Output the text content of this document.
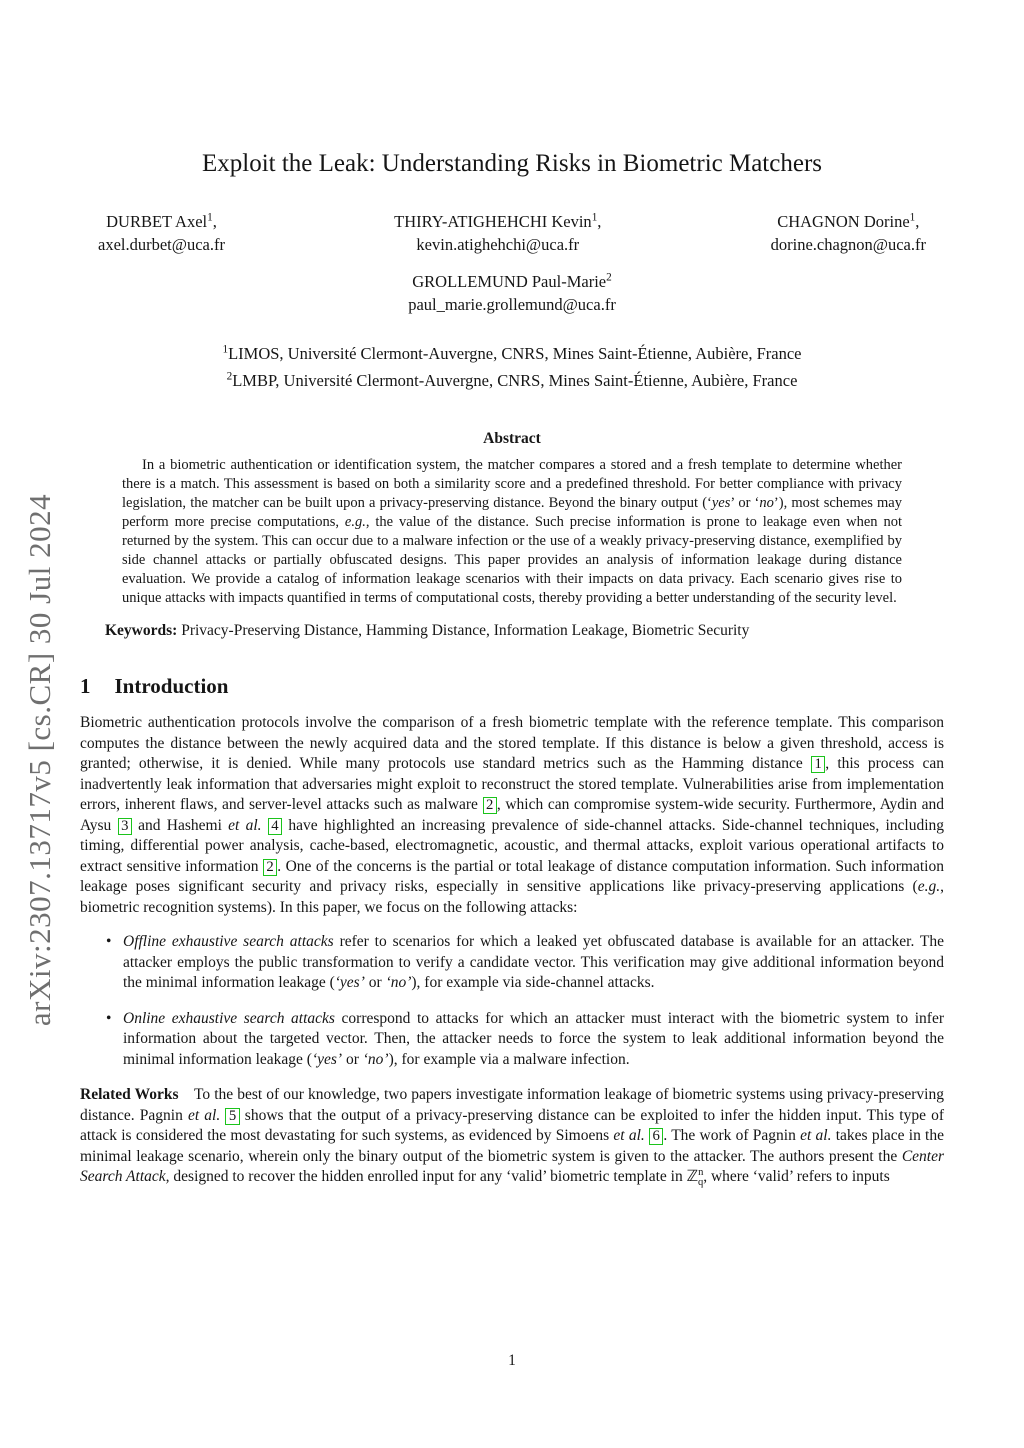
arXiv:2307.13717v5 [cs.CR] 30 Jul 2024
Exploit the Leak: Understanding Risks in Biometric Matchers
DURBET Axel$^1$,
axel.durbet@uca.fr
THIRY-ATIGHEHCHI Kevin$^1$,
kevin.atighehchi@uca.fr
CHAGNON Dorine$^1$,
dorine.chagnon@uca.fr
GROLLEMUND Paul-Marie$^2$
paul_marie.grollemund@uca.fr
$^1$LIMOS, Université Clermont-Auvergne, CNRS, Mines Saint-Étienne, Aubière, France
$^2$LMBP, Université Clermont-Auvergne, CNRS, Mines Saint-Étienne, Aubière, France
Abstract

In a biometric authentication or identification system, the matcher compares a stored and a fresh template to determine whether there is a match. This assessment is based on both a similarity score and a predefined threshold. For better compliance with privacy legislation, the matcher can be built upon a privacy-preserving distance. Beyond the binary output (‘yes’ or ‘no’), most schemes may perform more precise computations, e.g., the value of the distance. Such precise information is prone to leakage even when not returned by the system. This can occur due to a malware infection or the use of a weakly privacy-preserving distance, exemplified by side channel attacks or partially obfuscated designs. This paper provides an analysis of information leakage during distance evaluation. We provide a catalog of information leakage scenarios with their impacts on data privacy. Each scenario gives rise to unique attacks with impacts quantified in terms of computational costs, thereby providing a better understanding of the security level.

Keywords: Privacy-Preserving Distance, Hamming Distance, Information Leakage, Biometric Security

1 Introduction

Biometric authentication protocols involve the comparison of a fresh biometric template with the reference template. This comparison computes the distance between the newly acquired data and the stored template. If this distance is below a given threshold, access is granted; otherwise, it is denied. While many protocols use standard metrics such as the Hamming distance 1 , this process can inadvertently leak information that adversaries might exploit to reconstruct the stored template. Vulnerabilities arise from implementation errors, inherent flaws, and server-level attacks such as malware 2 , which can compromise system-wide security. Furthermore, Aydin and Aysu 3 and Hashemi et al. 4 have highlighted an increasing prevalence of side-channel attacks. Side-channel techniques, including timing, differential power analysis, cache-based, electromagnetic, acoustic, and thermal attacks, exploit various operational artifacts to extract sensitive information 2 . One of the concerns is the partial or total leakage of distance computation information. Such information leakage poses significant security and privacy risks, especially in sensitive applications like privacy-preserving applications (e.g., biometric recognition systems). In this paper, we focus on the following attacks:

• Offline exhaustive search attacks refer to scenarios for which a leaked yet obfuscated database is available for an attacker. The attacker employs the public transformation to verify a candidate vector. This verification may give additional information beyond the minimal information leakage (‘yes’ or ‘no’), for example via side-channel attacks.
• Online exhaustive search attacks correspond to attacks for which an attacker must interact with the biometric system to infer information about the targeted vector. Then, the attacker needs to force the system to leak additional information beyond the minimal information leakage (‘yes’ or ‘no’), for example via a malware infection.

Related Works  To the best of our knowledge, two papers investigate information leakage of biometric systems using privacy-preserving distance. Pagnin et al. 5 shows that the output of a privacy-preserving distance can be exploited to infer the hidden input. This type of attack is considered the most devastating for such systems, as evidenced by Simoens et al. 6 . The work of Pagnin et al. takes place in the minimal leakage scenario, wherein only the binary output of the biometric system is given to the attacker. The authors present the Center Search Attack, designed to recover the hidden enrolled input for any ‘valid’ biometric template in ℤ$^n_q$, where ‘valid’ refers to inputs

1
